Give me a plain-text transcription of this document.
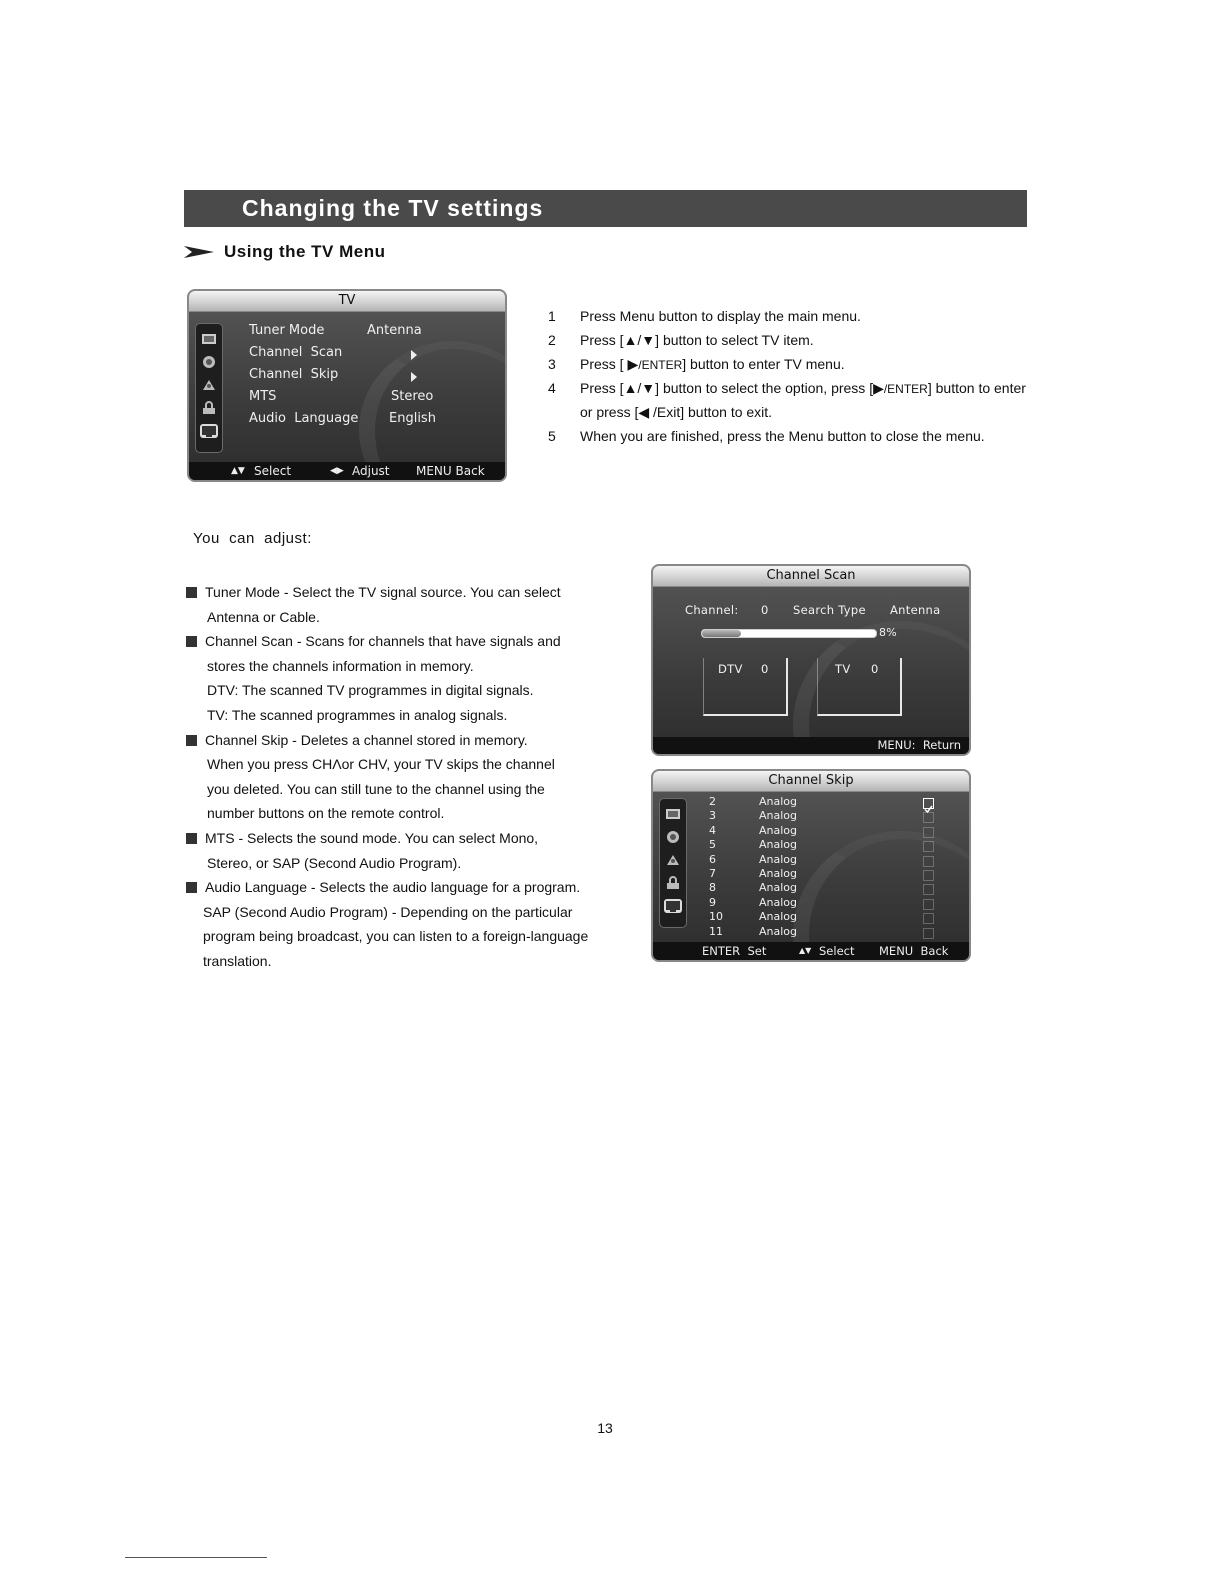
Changing the TV settings
Using the TV Menu
TV
Tuner Mode	Antenna
Channel  Scan
Channel  Skip
MTS	Stereo
Audio  Language English
▲▼ Select	◀▶ Adjust MENU Back
1	Press Menu button to display the main menu.
2	Press [▲/▼] button to select TV item.
3	Press [ ▶/ENTER] button to enter TV menu.
4	Press [▲/▼] button to select the option, press [▶/ENTER] button to enter
or press [◀ /Exit] button to exit.
5	When you are finished, press the Menu button to close the menu.
You  can  adjust:
Tuner Mode - Select the TV signal source. You can select
Antenna or Cable.
Channel Scan - Scans for channels that have signals and
stores the channels information in memory.
DTV: The scanned TV programmes in digital signals.
TV: The scanned programmes in analog signals.
Channel Skip - Deletes a channel stored in memory.
When you press CHΛor CHV, your TV skips the channel
you deleted. You can still tune to the channel using the
number buttons on the remote control.
MTS - Selects the sound mode. You can select Mono,
Stereo, or SAP (Second Audio Program).
Audio Language - Selects the audio language for a program.
SAP (Second Audio Program) - Depending on the particular
program being broadcast, you can listen to a foreign-language
translation.
Channel Scan
Channel: 0 Search Type Antenna
8%
DTV 0	TV 0
MENU:  Return
Channel Skip
2	Analog
3	Analog
4	Analog
5	Analog
6	Analog
7	Analog
8	Analog
9	Analog
10	Analog
11	Analog
ENTER  Set	▲▼ Select MENU  Back
13
